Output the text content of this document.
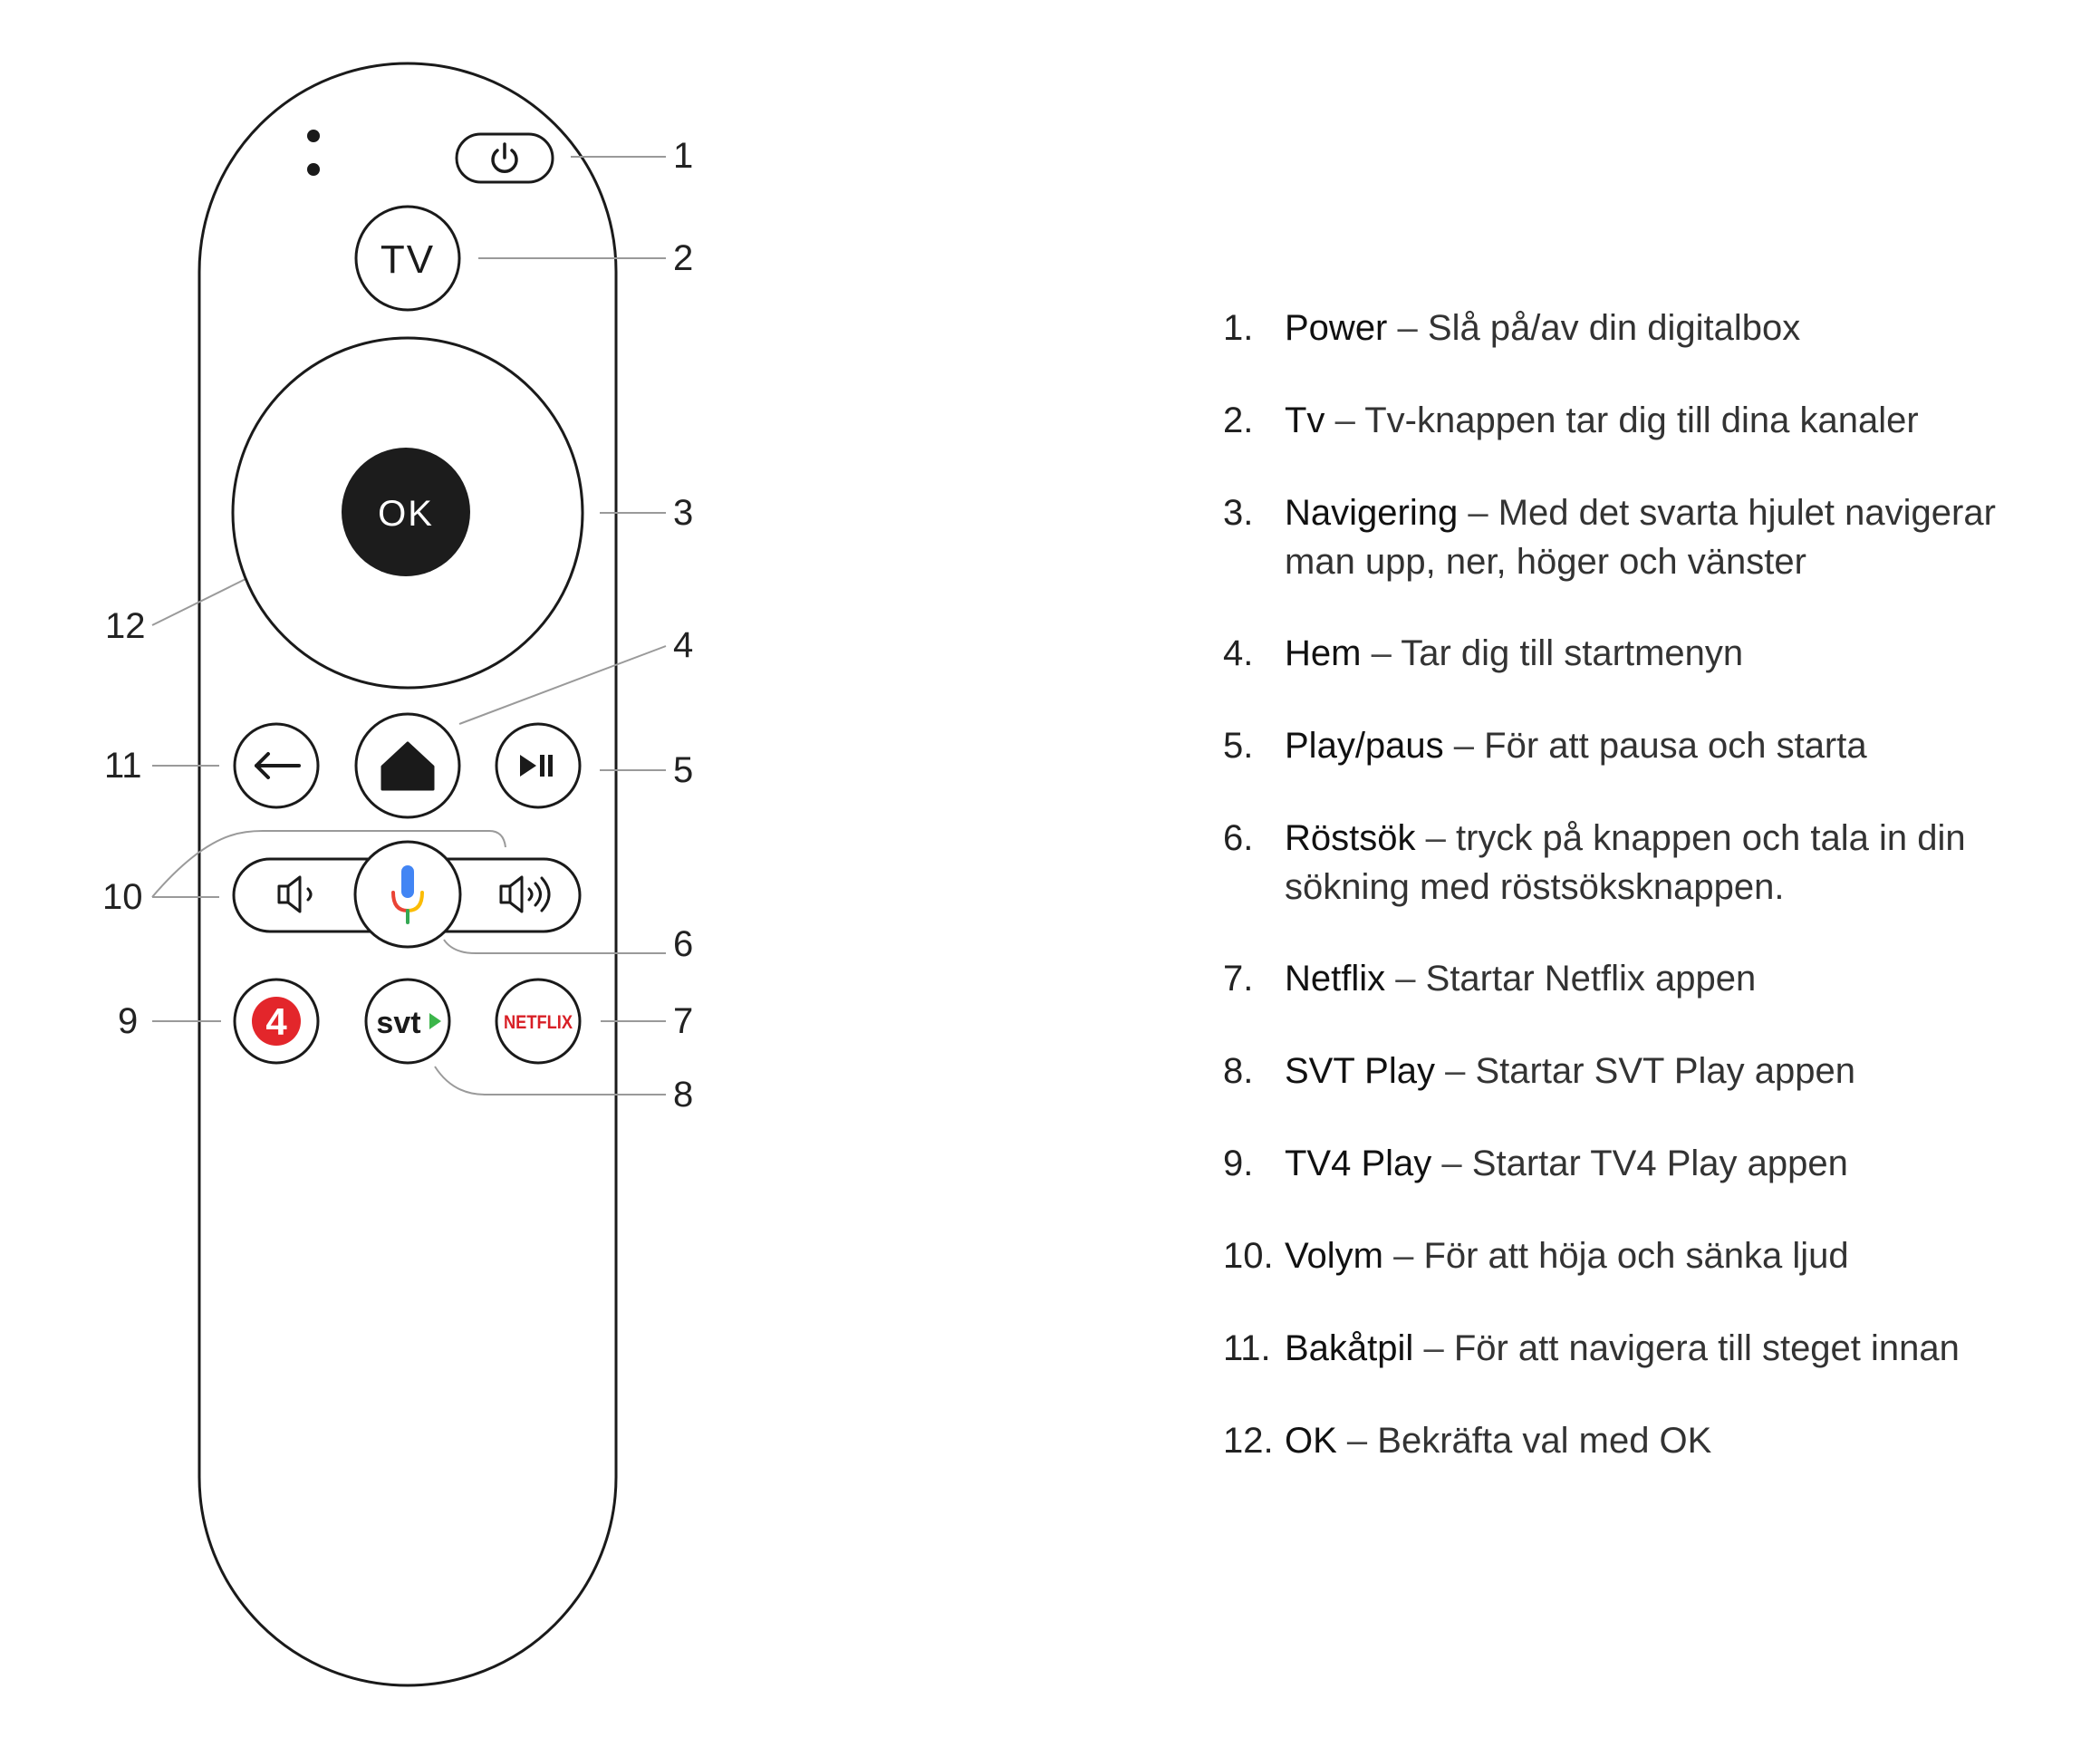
TV
OK
4	svt	NETFLIX
1
2
3
4
5
6
7
8
9
10
11
12
1. Power – Slå på/av din digitalbox
2. Tv – Tv-knappen tar dig till dina kanaler
3. Navigering – Med det svarta hjulet navigerar man upp, ner, höger och vänster
4. Hem – Tar dig till startmenyn
5. Play/paus – För att pausa och starta
6. Röstsök – tryck på knappen och tala in din sökning med röstsöksknappen.
7. Netflix – Startar Netflix appen
8. SVT Play – Startar SVT Play appen
9. TV4 Play – Startar TV4 Play appen
10. Volym – För att höja och sänka ljud
11. Bakåtpil – För att navigera till steget innan
12. OK – Bekräfta val med OK
